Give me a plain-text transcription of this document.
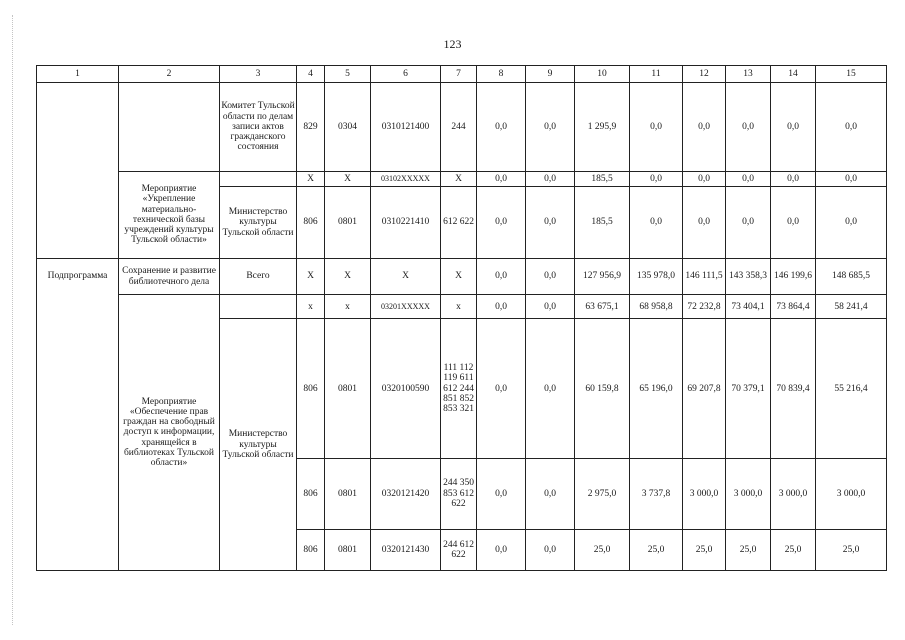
123
1	2	3	4	5	6	7	8	9	10	11	12	13	14	15
		Комитет Тульской области по делам записи актов гражданского состояния	829	0304	0310121400	244	0,0	0,0	1 295,9	0,0	0,0	0,0	0,0	0,0
	Мероприятие «Укрепление материально-технической базы учреждений культуры Тульской области»		Х	Х	03102ХХХХХ	Х	0,0	0,0	185,5	0,0	0,0	0,0	0,0	0,0
		Министерство культуры Тульской области	806	0801	0310221410	612 622	0,0	0,0	185,5	0,0	0,0	0,0	0,0	0,0
Подпрограмма	Сохранение и развитие библиотечного дела	Всего	Х	Х	Х	Х	0,0	0,0	127 956,9	135 978,0	146 111,5	143 358,3	146 199,6	148 685,5
	Мероприятие «Обеспечение прав граждан на свободный доступ к информации, хранящейся в библиотеках Тульской области»		х	х	03201ХХХХХ	х	0,0	0,0	63 675,1	68 958,8	72 232,8	73 404,1	73 864,4	58 241,4
		Министерство культуры Тульской области	806	0801	0320100590	111 112 119 611 612 244 851 852 853 321	0,0	0,0	60 159,8	65 196,0	69 207,8	70 379,1	70 839,4	55 216,4
			806	0801	0320121420	244 350 853 612 622	0,0	0,0	2 975,0	3 737,8	3 000,0	3 000,0	3 000,0	3 000,0
			806	0801	0320121430	244 612 622	0,0	0,0	25,0	25,0	25,0	25,0	25,0	25,0
